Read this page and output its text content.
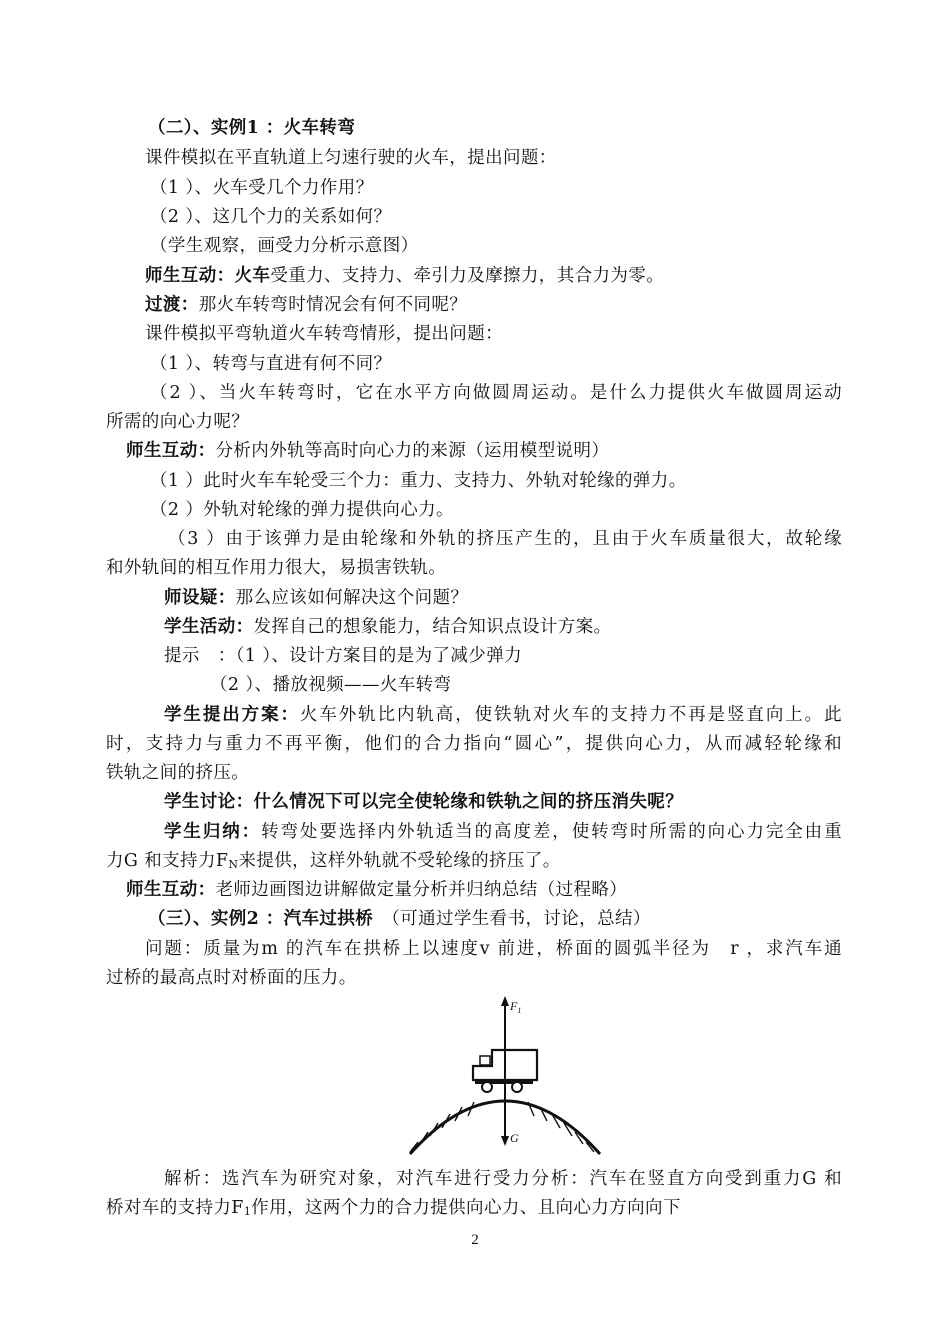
（二）、实例1 ：火车转弯
课件模拟在平直轨道上匀速行驶的火车，提出问题：
（1 ）、火车受几个力作用？
（2 ）、这几个力的关系如何？
（学生观察，画受力分析示意图）
师生互动：火车受重力、支持力、牵引力及摩擦力，其合力为零。
过渡：那火车转弯时情况会有何不同呢？
课件模拟平弯轨道火车转弯情形，提出问题：
（1 ）、转弯与直进有何不同？
（2 ）、当火车转弯时，它在水平方向做圆周运动。是什么力提供火车做圆周运动
所需的向心力呢？
师生互动：分析内外轨等高时向心力的来源（运用模型说明）
（1 ）此时火车车轮受三个力：重力、支持力、外轨对轮缘的弹力。
（2 ）外轨对轮缘的弹力提供向心力。
（3 ）由于该弹力是由轮缘和外轨的挤压产生的，且由于火车质量很大，故轮缘
和外轨间的相互作用力很大，易损害铁轨。
师设疑：那么应该如何解决这个问题？
学生活动：发挥自己的想象能力，结合知识点设计方案。
提示　：（1 ）、设计方案目的是为了减少弹力
（2 ）、播放视频——火车转弯
学生提出方案：火车外轨比内轨高，使铁轨对火车的支持力不再是竖直向上。此
时，支持力与重力不再平衡，他们的合力指向“圆心”，提供向心力，从而减轻轮缘和
铁轨之间的挤压。
学生讨论：什么情况下可以完全使轮缘和铁轨之间的挤压消失呢？
学生归纳：转弯处要选择内外轨适当的高度差，使转弯时所需的向心力完全由重
力G 和支持力FN来提供，这样外轨就不受轮缘的挤压了。
师生互动：老师边画图边讲解做定量分析并归纳总结（过程略）
（三）、实例2 ：汽车过拱桥　 （可通过学生看书，讨论，总结）
问题：质量为m 的汽车在拱桥上以速度v 前进，桥面的圆弧半径为　r ，求汽车通
过桥的最高点时对桥面的压力。
$F_1$
G
解析：选汽车为研究对象，对汽车进行受力分析：汽车在竖直方向受到重力G 和
桥对车的支持力F1作用，这两个力的合力提供向心力、且向心力方向向下
2
